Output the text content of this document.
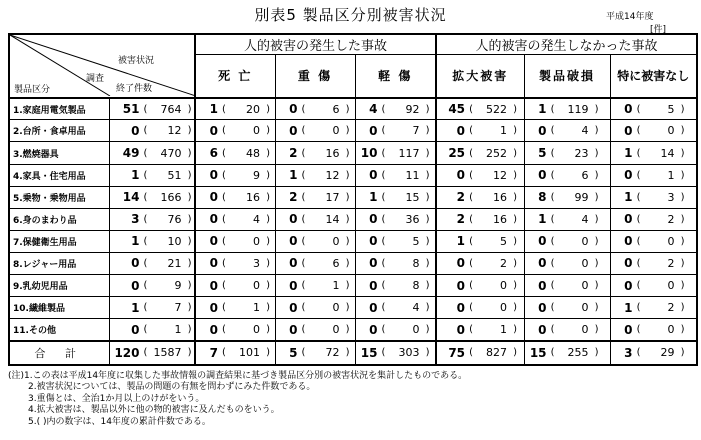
別表5 製品区分別被害状況	平成14年度
[件]
被害状況
調査
終了件数
製品区分		人的被害の発生した事故			人的被害の発生しなかった事故		
		死 亡	重 傷	軽 傷	拡大被害	製品破損	特に被害なし
1.家庭用電気製品	51 ( 764 )	1 ( 20 )	0 ( 6 )	4 ( 92 )	45 ( 522 )	1 ( 119 )	0 ( 5 )

2.台所・食卓用品	0 ( 12 )	0 ( 0 )	0 ( 0 )	0 ( 7 )	0 ( 1 )	0 ( 4 )	0 ( 0 )

3.燃焼器具	49 ( 470 )	6 ( 48 )	2 ( 16 )	10 ( 117 )	25 ( 252 )	5 ( 23 )	1 ( 14 )

4.家具・住宅用品	1 ( 51 )	0 ( 9 )	1 ( 12 )	0 ( 11 )	0 ( 12 )	0 ( 6 )	0 ( 1 )

5.乗物・乗物用品	14 ( 166 )	0 ( 16 )	2 ( 17 )	1 ( 15 )	2 ( 16 )	8 ( 99 )	1 ( 3 )

6.身のまわり品	3 ( 76 )	0 ( 4 )	0 ( 14 )	0 ( 36 )	2 ( 16 )	1 ( 4 )	0 ( 2 )

7.保健衛生用品	1 ( 10 )	0 ( 0 )	0 ( 0 )	0 ( 5 )	1 ( 5 )	0 ( 0 )	0 ( 0 )

8.レジャー用品	0 ( 21 )	0 ( 3 )	0 ( 6 )	0 ( 8 )	0 ( 2 )	0 ( 0 )	0 ( 2 )

9.乳幼児用品	0 ( 9 )	0 ( 0 )	0 ( 1 )	0 ( 8 )	0 ( 0 )	0 ( 0 )	0 ( 0 )

10.繊維製品	1 ( 7 )	0 ( 1 )	0 ( 0 )	0 ( 4 )	0 ( 0 )	0 ( 0 )	1 ( 2 )

11.その他	0 ( 1 )	0 ( 0 )	0 ( 0 )	0 ( 0 )	0 ( 1 )	0 ( 0 )	0 ( 0 )

合 計	120 ( 1587 )	7 ( 101 )	5 ( 72 )	15 ( 303 )	75 ( 827 )	15 ( 255 )	3 ( 29 )
(注)1.この表は平成14年度に収集した事故情報の調査結果に基づき製品区分別の被害状況を集計したものである。
2.被害状況については、製品の問題の有無を問わずにみた件数である。
3.重傷とは、全治1か月以上のけがをいう。
4.拡大被害は、製品以外に他の物的被害に及んだものをいう。
5.( )内の数字は、14年度の累計件数である。
